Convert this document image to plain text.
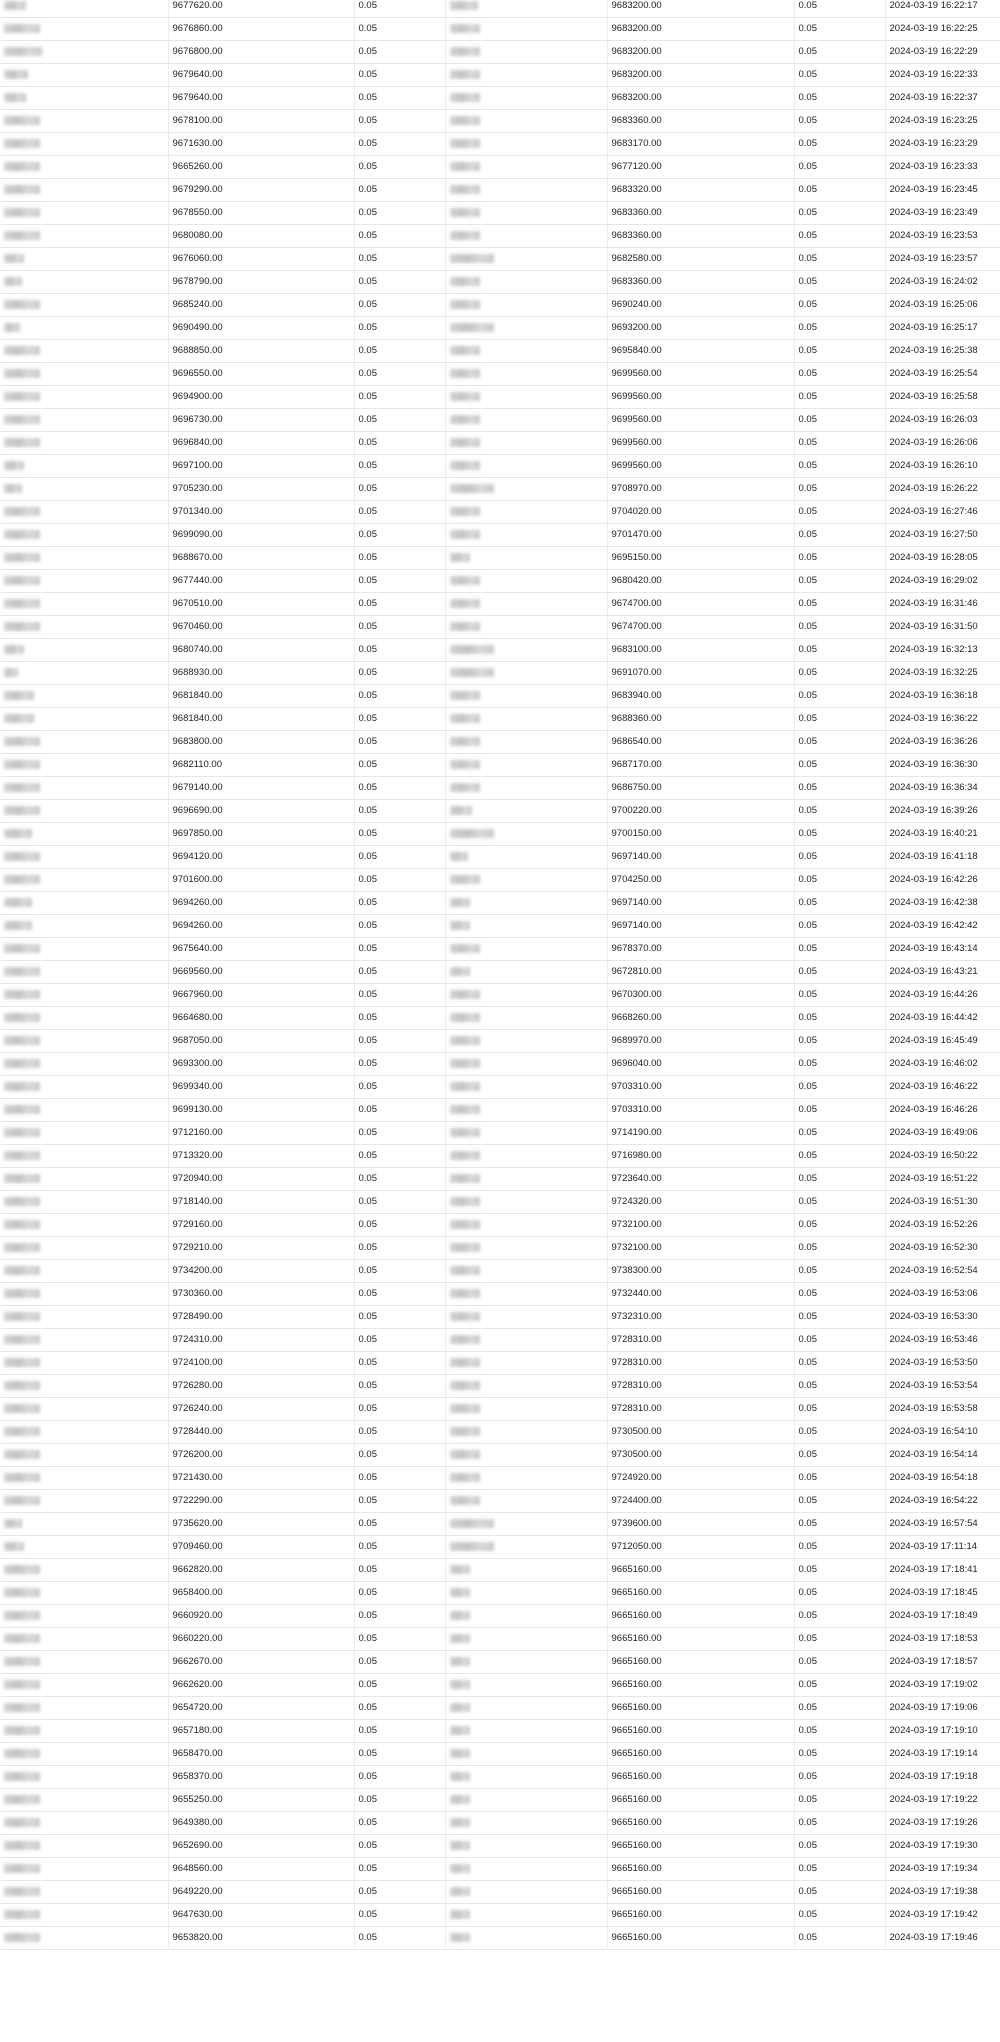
	9677620.00	0.05		9683200.00	0.05	2024-03-19 16:22:17
	9676860.00	0.05		9683200.00	0.05	2024-03-19 16:22:25
	9676800.00	0.05		9683200.00	0.05	2024-03-19 16:22:29
	9679640.00	0.05		9683200.00	0.05	2024-03-19 16:22:33
	9679640.00	0.05		9683200.00	0.05	2024-03-19 16:22:37
	9678100.00	0.05		9683360.00	0.05	2024-03-19 16:23:25
	9671630.00	0.05		9683170.00	0.05	2024-03-19 16:23:29
	9665260.00	0.05		9677120.00	0.05	2024-03-19 16:23:33
	9679290.00	0.05		9683320.00	0.05	2024-03-19 16:23:45
	9678550.00	0.05		9683360.00	0.05	2024-03-19 16:23:49
	9680080.00	0.05		9683360.00	0.05	2024-03-19 16:23:53
	9676060.00	0.05		9682580.00	0.05	2024-03-19 16:23:57
	9678790.00	0.05		9683360.00	0.05	2024-03-19 16:24:02
	9685240.00	0.05		9690240.00	0.05	2024-03-19 16:25:06
	9690490.00	0.05		9693200.00	0.05	2024-03-19 16:25:17
	9688850.00	0.05		9695840.00	0.05	2024-03-19 16:25:38
	9696550.00	0.05		9699560.00	0.05	2024-03-19 16:25:54
	9694900.00	0.05		9699560.00	0.05	2024-03-19 16:25:58
	9696730.00	0.05		9699560.00	0.05	2024-03-19 16:26:03
	9696840.00	0.05		9699560.00	0.05	2024-03-19 16:26:06
	9697100.00	0.05		9699560.00	0.05	2024-03-19 16:26:10
	9705230.00	0.05		9708970.00	0.05	2024-03-19 16:26:22
	9701340.00	0.05		9704020.00	0.05	2024-03-19 16:27:46
	9699090.00	0.05		9701470.00	0.05	2024-03-19 16:27:50
	9688670.00	0.05		9695150.00	0.05	2024-03-19 16:28:05
	9677440.00	0.05		9680420.00	0.05	2024-03-19 16:29:02
	9670510.00	0.05		9674700.00	0.05	2024-03-19 16:31:46
	9670460.00	0.05		9674700.00	0.05	2024-03-19 16:31:50
	9680740.00	0.05		9683100.00	0.05	2024-03-19 16:32:13
	9688930.00	0.05		9691070.00	0.05	2024-03-19 16:32:25
	9681840.00	0.05		9683940.00	0.05	2024-03-19 16:36:18
	9681840.00	0.05		9688360.00	0.05	2024-03-19 16:36:22
	9683800.00	0.05		9686540.00	0.05	2024-03-19 16:36:26
	9682110.00	0.05		9687170.00	0.05	2024-03-19 16:36:30
	9679140.00	0.05		9686750.00	0.05	2024-03-19 16:36:34
	9696690.00	0.05		9700220.00	0.05	2024-03-19 16:39:26
	9697850.00	0.05		9700150.00	0.05	2024-03-19 16:40:21
	9694120.00	0.05		9697140.00	0.05	2024-03-19 16:41:18
	9701600.00	0.05		9704250.00	0.05	2024-03-19 16:42:26
	9694260.00	0.05		9697140.00	0.05	2024-03-19 16:42:38
	9694260.00	0.05		9697140.00	0.05	2024-03-19 16:42:42
	9675640.00	0.05		9678370.00	0.05	2024-03-19 16:43:14
	9669560.00	0.05		9672810.00	0.05	2024-03-19 16:43:21
	9667960.00	0.05		9670300.00	0.05	2024-03-19 16:44:26
	9664680.00	0.05		9668260.00	0.05	2024-03-19 16:44:42
	9687050.00	0.05		9689970.00	0.05	2024-03-19 16:45:49
	9693300.00	0.05		9696040.00	0.05	2024-03-19 16:46:02
	9699340.00	0.05		9703310.00	0.05	2024-03-19 16:46:22
	9699130.00	0.05		9703310.00	0.05	2024-03-19 16:46:26
	9712160.00	0.05		9714190.00	0.05	2024-03-19 16:49:06
	9713320.00	0.05		9716980.00	0.05	2024-03-19 16:50:22
	9720940.00	0.05		9723640.00	0.05	2024-03-19 16:51:22
	9718140.00	0.05		9724320.00	0.05	2024-03-19 16:51:30
	9729160.00	0.05		9732100.00	0.05	2024-03-19 16:52:26
	9729210.00	0.05		9732100.00	0.05	2024-03-19 16:52:30
	9734200.00	0.05		9738300.00	0.05	2024-03-19 16:52:54
	9730360.00	0.05		9732440.00	0.05	2024-03-19 16:53:06
	9728490.00	0.05		9732310.00	0.05	2024-03-19 16:53:30
	9724310.00	0.05		9728310.00	0.05	2024-03-19 16:53:46
	9724100.00	0.05		9728310.00	0.05	2024-03-19 16:53:50
	9726280.00	0.05		9728310.00	0.05	2024-03-19 16:53:54
	9726240.00	0.05		9728310.00	0.05	2024-03-19 16:53:58
	9728440.00	0.05		9730500.00	0.05	2024-03-19 16:54:10
	9726200.00	0.05		9730500.00	0.05	2024-03-19 16:54:14
	9721430.00	0.05		9724920.00	0.05	2024-03-19 16:54:18
	9722290.00	0.05		9724400.00	0.05	2024-03-19 16:54:22
	9735620.00	0.05		9739600.00	0.05	2024-03-19 16:57:54
	9709460.00	0.05		9712050.00	0.05	2024-03-19 17:11:14
	9662820.00	0.05		9665160.00	0.05	2024-03-19 17:18:41
	9658400.00	0.05		9665160.00	0.05	2024-03-19 17:18:45
	9660920.00	0.05		9665160.00	0.05	2024-03-19 17:18:49
	9660220.00	0.05		9665160.00	0.05	2024-03-19 17:18:53
	9662670.00	0.05		9665160.00	0.05	2024-03-19 17:18:57
	9662620.00	0.05		9665160.00	0.05	2024-03-19 17:19:02
	9654720.00	0.05		9665160.00	0.05	2024-03-19 17:19:06
	9657180.00	0.05		9665160.00	0.05	2024-03-19 17:19:10
	9658470.00	0.05		9665160.00	0.05	2024-03-19 17:19:14
	9658370.00	0.05		9665160.00	0.05	2024-03-19 17:19:18
	9655250.00	0.05		9665160.00	0.05	2024-03-19 17:19:22
	9649380.00	0.05		9665160.00	0.05	2024-03-19 17:19:26
	9652690.00	0.05		9665160.00	0.05	2024-03-19 17:19:30
	9648560.00	0.05		9665160.00	0.05	2024-03-19 17:19:34
	9649220.00	0.05		9665160.00	0.05	2024-03-19 17:19:38
	9647630.00	0.05		9665160.00	0.05	2024-03-19 17:19:42
	9653820.00	0.05		9665160.00	0.05	2024-03-19 17:19:46
